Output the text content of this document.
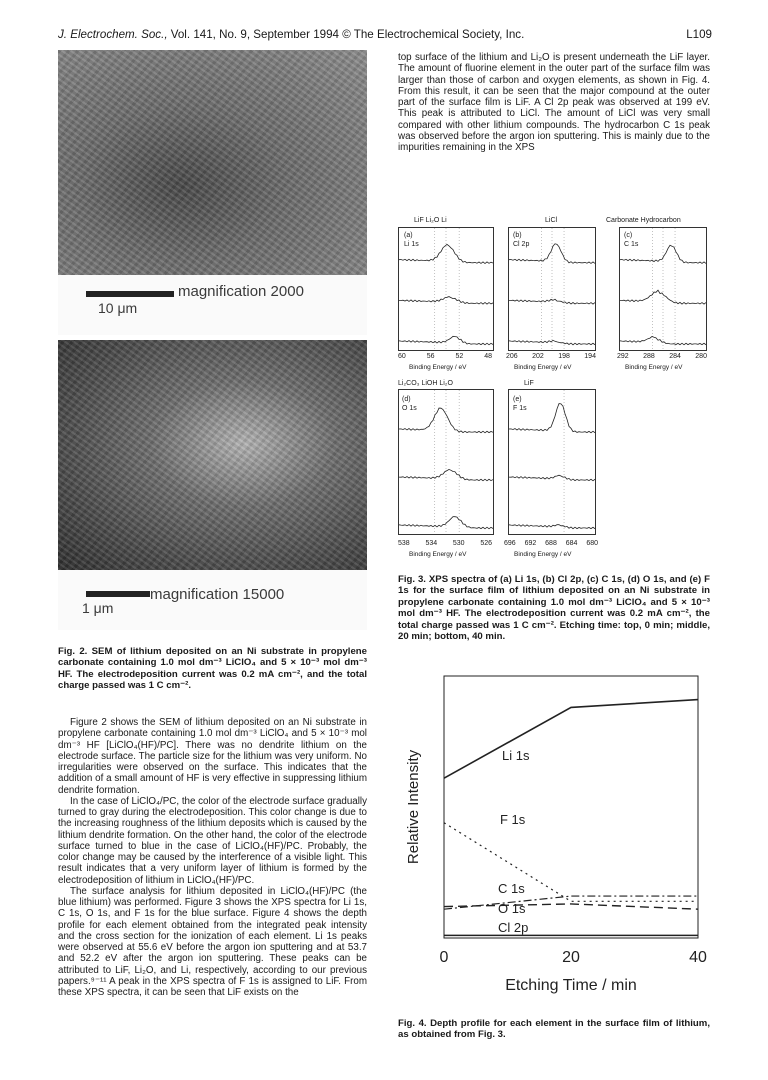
J. Electrochem. Soc., Vol. 141, No. 9, September 1994 © The Electrochemical Society, Inc.	L109
magnification 2000
10 μm
magnification 15000
1 μm
Fig. 2. SEM of lithium deposited on an Ni substrate in propylene carbonate containing 1.0 mol dm⁻³ LiClO₄ and 5 × 10⁻³ mol dm⁻³ HF. The electrodeposition current was 0.2 mA cm⁻², and the total charge passed was 1 C cm⁻².

Figure 2 shows the SEM of lithium deposited on an Ni substrate in propylene carbonate containing 1.0 mol dm⁻³ LiClO₄ and 5 × 10⁻³ mol dm⁻³ HF [LiClO₄(HF)/PC]. There was no dendrite lithium on the electrode surface. The particle size for the lithium was very uniform. No irregularities were observed on the surface. This indicates that the addition of a small amount of HF is very effective in suppressing lithium dendrite formation.

In the case of LiClO₄/PC, the color of the electrode surface gradually turned to gray during the electrodeposition. This color change is due to the increasing roughness of the lithium deposits which is caused by the lithium dendrite formation. On the other hand, the color of the electrode surface turned to blue in the case of LiClO₄(HF)/PC. Probably, the color change may be caused by the interference of a visible light. This result indicates that a very uniform layer of lithium is formed by the electrodeposition of lithium in LiClO₄(HF)/PC.

The surface analysis for lithium deposited in LiClO₄(HF)/PC (the blue lithium) was performed. Figure 3 shows the XPS spectra for Li 1s, C 1s, O 1s, and F 1s for the blue surface. Figure 4 shows the depth profile for each element obtained from the integrated peak intensity and the cross section for the ionization of each element. Li 1s peaks were observed at 55.6 eV before the argon ion sputtering and at 53.7 and 52.2 eV after the argon ion sputtering. These peaks can be attributed to LiF, Li₂O, and Li, respectively, according to our previous papers.⁹⁻¹¹ A peak in the XPS spectra of F 1s is assigned to LiF. From these XPS spectra, it can be seen that LiF exists on the

top surface of the lithium and Li₂O is present underneath the LiF layer. The amount of fluorine element in the outer part of the surface film was larger than those of carbon and oxygen elements, as shown in Fig. 4. From this result, it can be seen that the major compound at the outer part of the surface film is LiF. A Cl 2p peak was observed at 199 eV. This peak is attributed to LiCl. The amount of LiCl was very small compared with other lithium compounds. The hydrocarbon C 1s peak was observed before the argon ion sputtering. This is mainly due to the impurities remaining in the XPS

LiF Li₂O Li	LiCl	Carbonate Hydrocarbon
Li₂CO₃ LiOH Li₂O	LiF
(a)
Li 1s
(b)
Cl 2p
(c)
C 1s
(d)
O 1s
(e)
F 1s
60	56	52	48 206 202 198 194	292 288 284 280
538 534 530 526 696 692 688 684 680
Binding Energy / eV	Binding Energy / eV	Binding Energy / eV
Binding Energy / eV	Binding Energy / eV
Fig. 3. XPS spectra of (a) Li 1s, (b) Cl 2p, (c) C 1s, (d) O 1s, and (e) F 1s for the surface film of lithium deposited on an Ni substrate in propylene carbonate containing 1.0 mol dm⁻³ LiClO₄ and 5 × 10⁻³ mol dm⁻³ HF. The electrodeposition current was 0.2 mA cm⁻², the total charge passed was 1 C cm⁻². Etching time: top, 0 min; middle, 20 min; bottom, 40 min.
Li 1s
F 1s
C 1s
O 1s
Cl 2p
0	20	40
Etching Time / min
Relative Intensity
Fig. 4. Depth profile for each element in the surface film of lithium, as obtained from Fig. 3.
